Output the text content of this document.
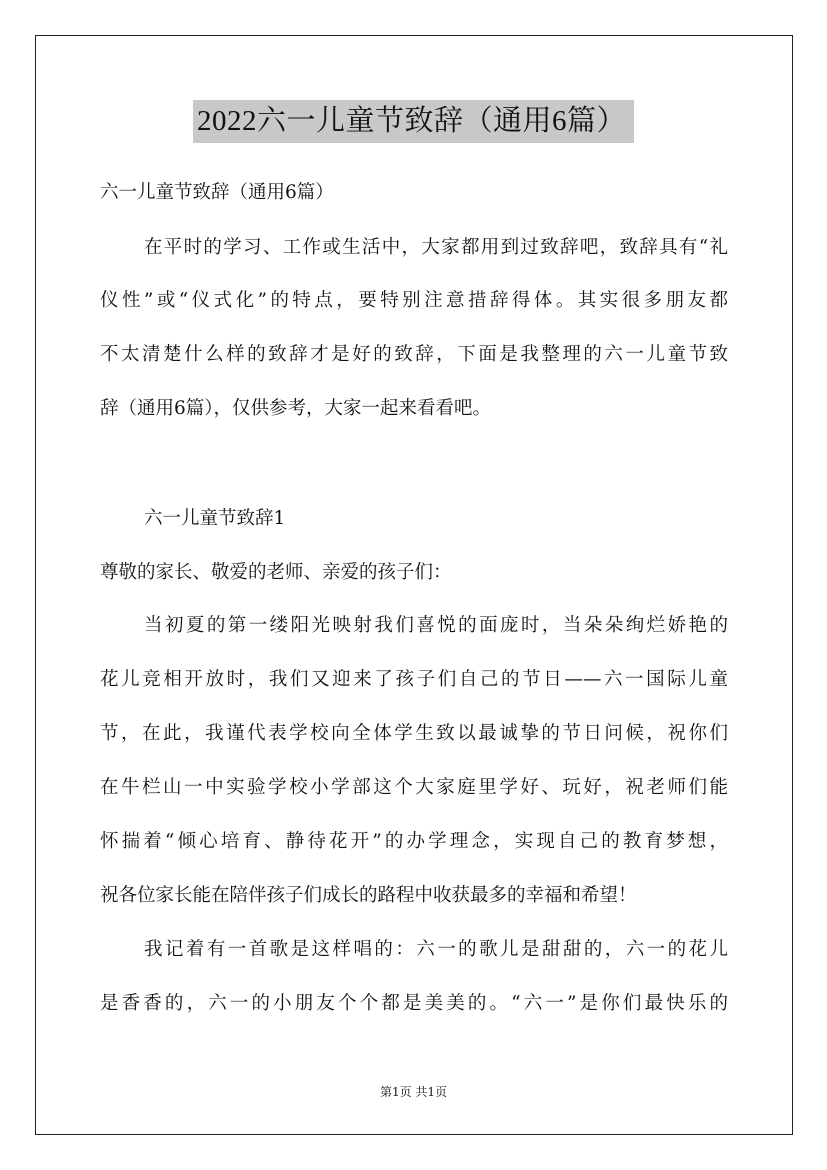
2022六一儿童节致辞（通用6篇）
六一儿童节致辞（通用6篇）
在平时的学习、工作或生活中，大家都用到过致辞吧，致辞具有“礼
仪性”或“仪式化”的特点，要特别注意措辞得体。其实很多朋友都
不太清楚什么样的致辞才是好的致辞，下面是我整理的六一儿童节致
辞（通用6篇），仅供参考，大家一起来看看吧。
六一儿童节致辞1
尊敬的家长、敬爱的老师、亲爱的孩子们：
当初夏的第一缕阳光映射我们喜悦的面庞时，当朵朵绚烂娇艳的
花儿竞相开放时，我们又迎来了孩子们自己的节日——六一国际儿童
节，在此，我谨代表学校向全体学生致以最诚挚的节日问候，祝你们
在牛栏山一中实验学校小学部这个大家庭里学好、玩好，祝老师们能
怀揣着“倾心培育、静待花开”的办学理念，实现自己的教育梦想，
祝各位家长能在陪伴孩子们成长的路程中收获最多的幸福和希望！
我记着有一首歌是这样唱的：六一的歌儿是甜甜的，六一的花儿
是香香的，六一的小朋友个个都是美美的。“六一”是你们最快乐的
第1页 共1页
